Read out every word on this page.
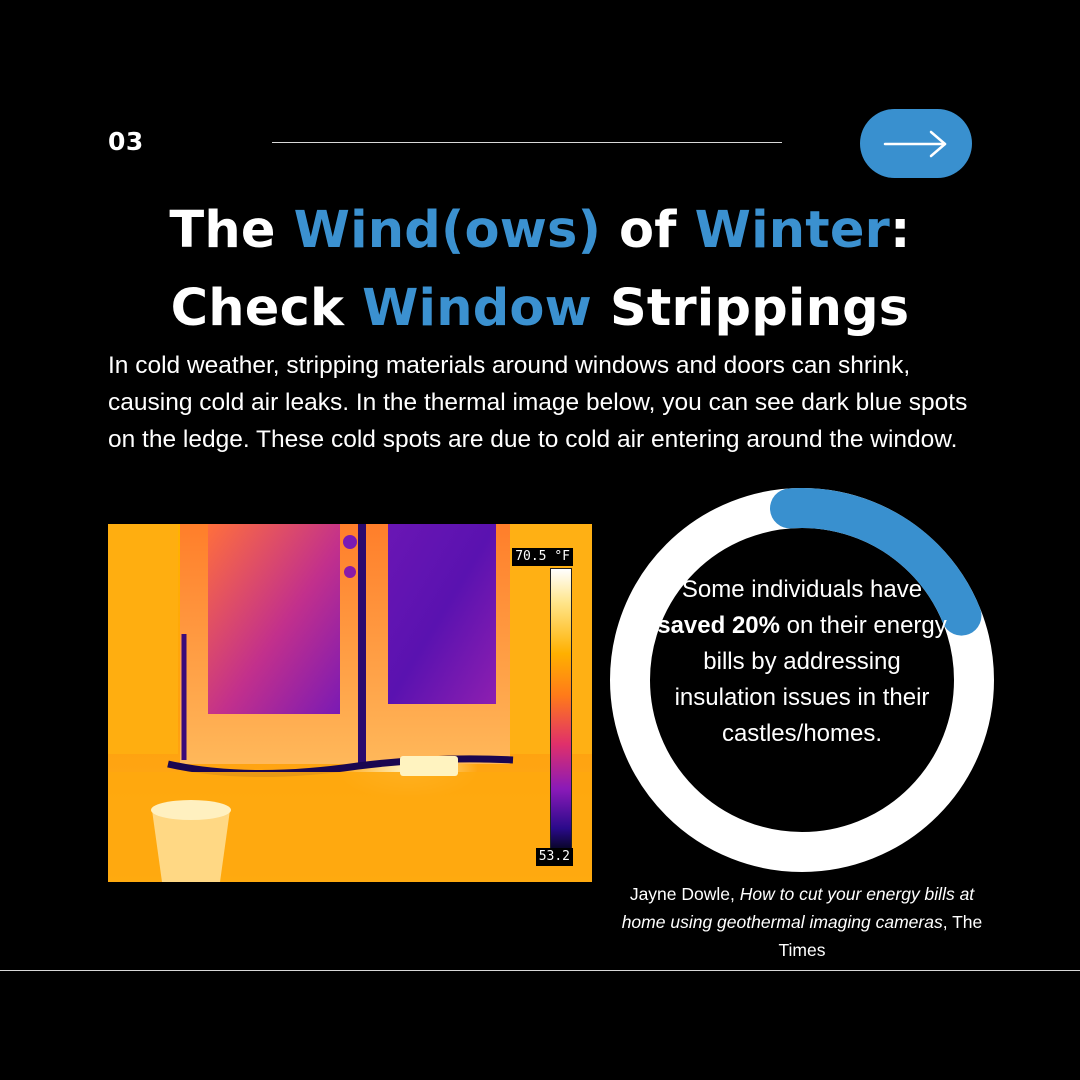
03
The Wind(ows) of Winter:
Check Window Strippings

In cold weather, stripping materials around windows and doors can shrink, causing cold air leaks. In the thermal image below, you can see dark blue spots on the ledge. These cold spots are due to cold air entering around the window.

70.5 °F
53.2

Some individuals have saved 20% on their energy bills by addressing insulation issues in their castles/homes.

Jayne Dowle, How to cut your energy bills at home using geothermal imaging cameras, The Times
